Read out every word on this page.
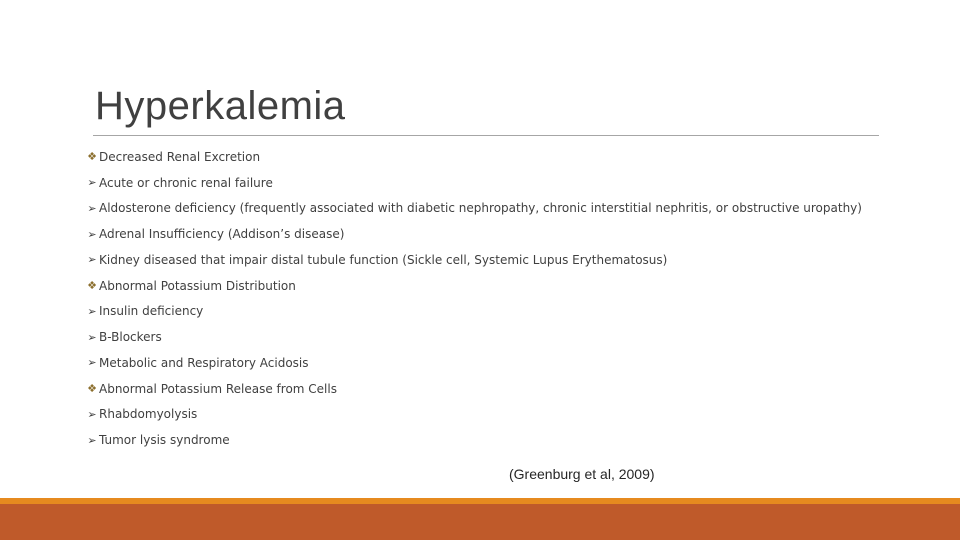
Hyperkalemia
❖ Decreased Renal Excretion
➢ Acute or chronic renal failure
➢ Aldosterone deficiency (frequently associated with diabetic nephropathy, chronic interstitial nephritis, or obstructive uropathy)
➢ Adrenal Insufficiency (Addison’s disease)
➢ Kidney diseased that impair distal tubule function (Sickle cell, Systemic Lupus Erythematosus)
❖ Abnormal Potassium Distribution
➢ Insulin deficiency
➢ B-Blockers
➢ Metabolic and Respiratory Acidosis
❖ Abnormal Potassium Release from Cells
➢ Rhabdomyolysis
➢ Tumor lysis syndrome
(Greenburg et al, 2009)
